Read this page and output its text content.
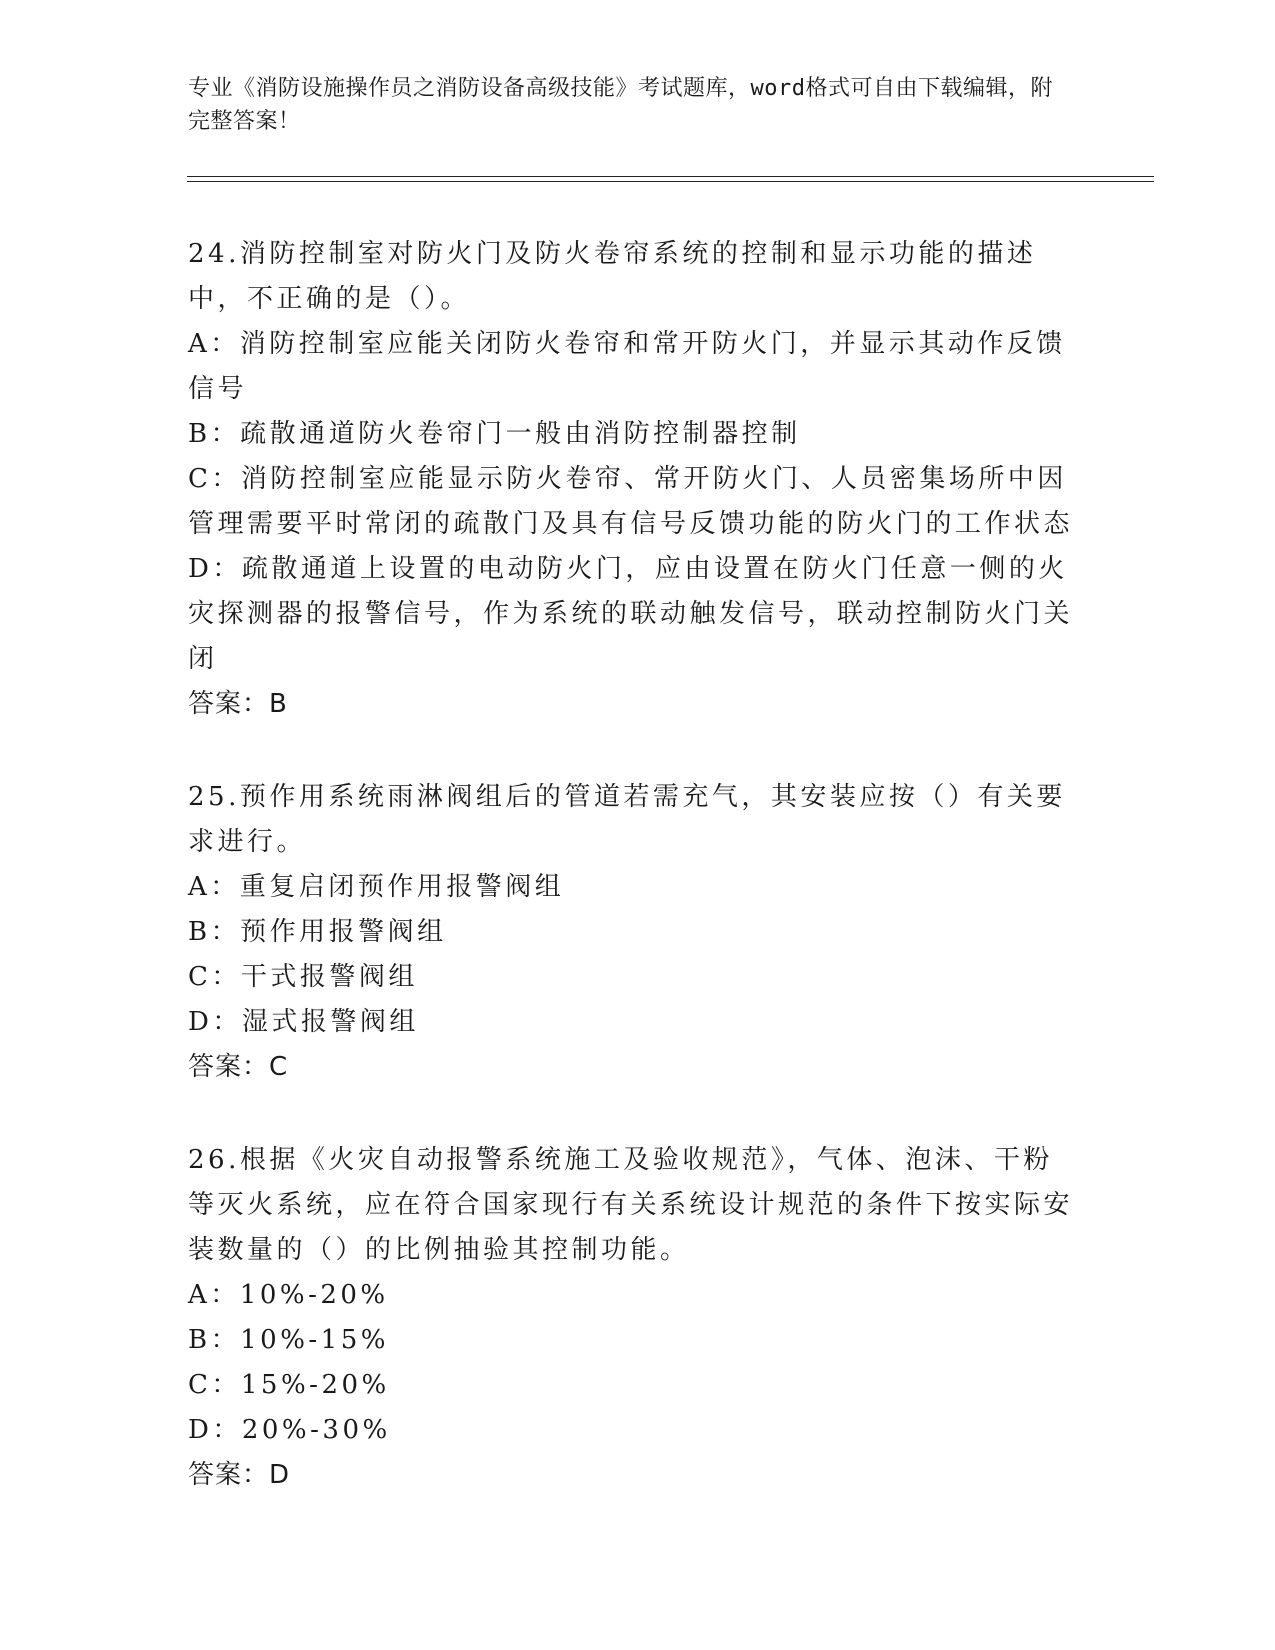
专业《消防设施操作员之消防设备高级技能》考试题库，word格式可自由下载编辑，附完整答案！

24.消防控制室对防火门及防火卷帘系统的控制和显示功能的描述中，不正确的是（）。

A：消防控制室应能关闭防火卷帘和常开防火门，并显示其动作反馈信号

B：疏散通道防火卷帘门一般由消防控制器控制

C：消防控制室应能显示防火卷帘、常开防火门、人员密集场所中因管理需要平时常闭的疏散门及具有信号反馈功能的防火门的工作状态

D：疏散通道上设置的电动防火门，应由设置在防火门任意一侧的火灾探测器的报警信号，作为系统的联动触发信号，联动控制防火门关闭

答案：B

25.预作用系统雨淋阀组后的管道若需充气，其安装应按（）有关要求进行。

A：重复启闭预作用报警阀组

B：预作用报警阀组

C：干式报警阀组

D：湿式报警阀组

答案：C

26.根据《火灾自动报警系统施工及验收规范》，气体、泡沫、干粉等灭火系统，应在符合国家现行有关系统设计规范的条件下按实际安装数量的（）的比例抽验其控制功能。

A：10%-20%

B：10%-15%

C：15%-20%

D：20%-30%

答案：D
